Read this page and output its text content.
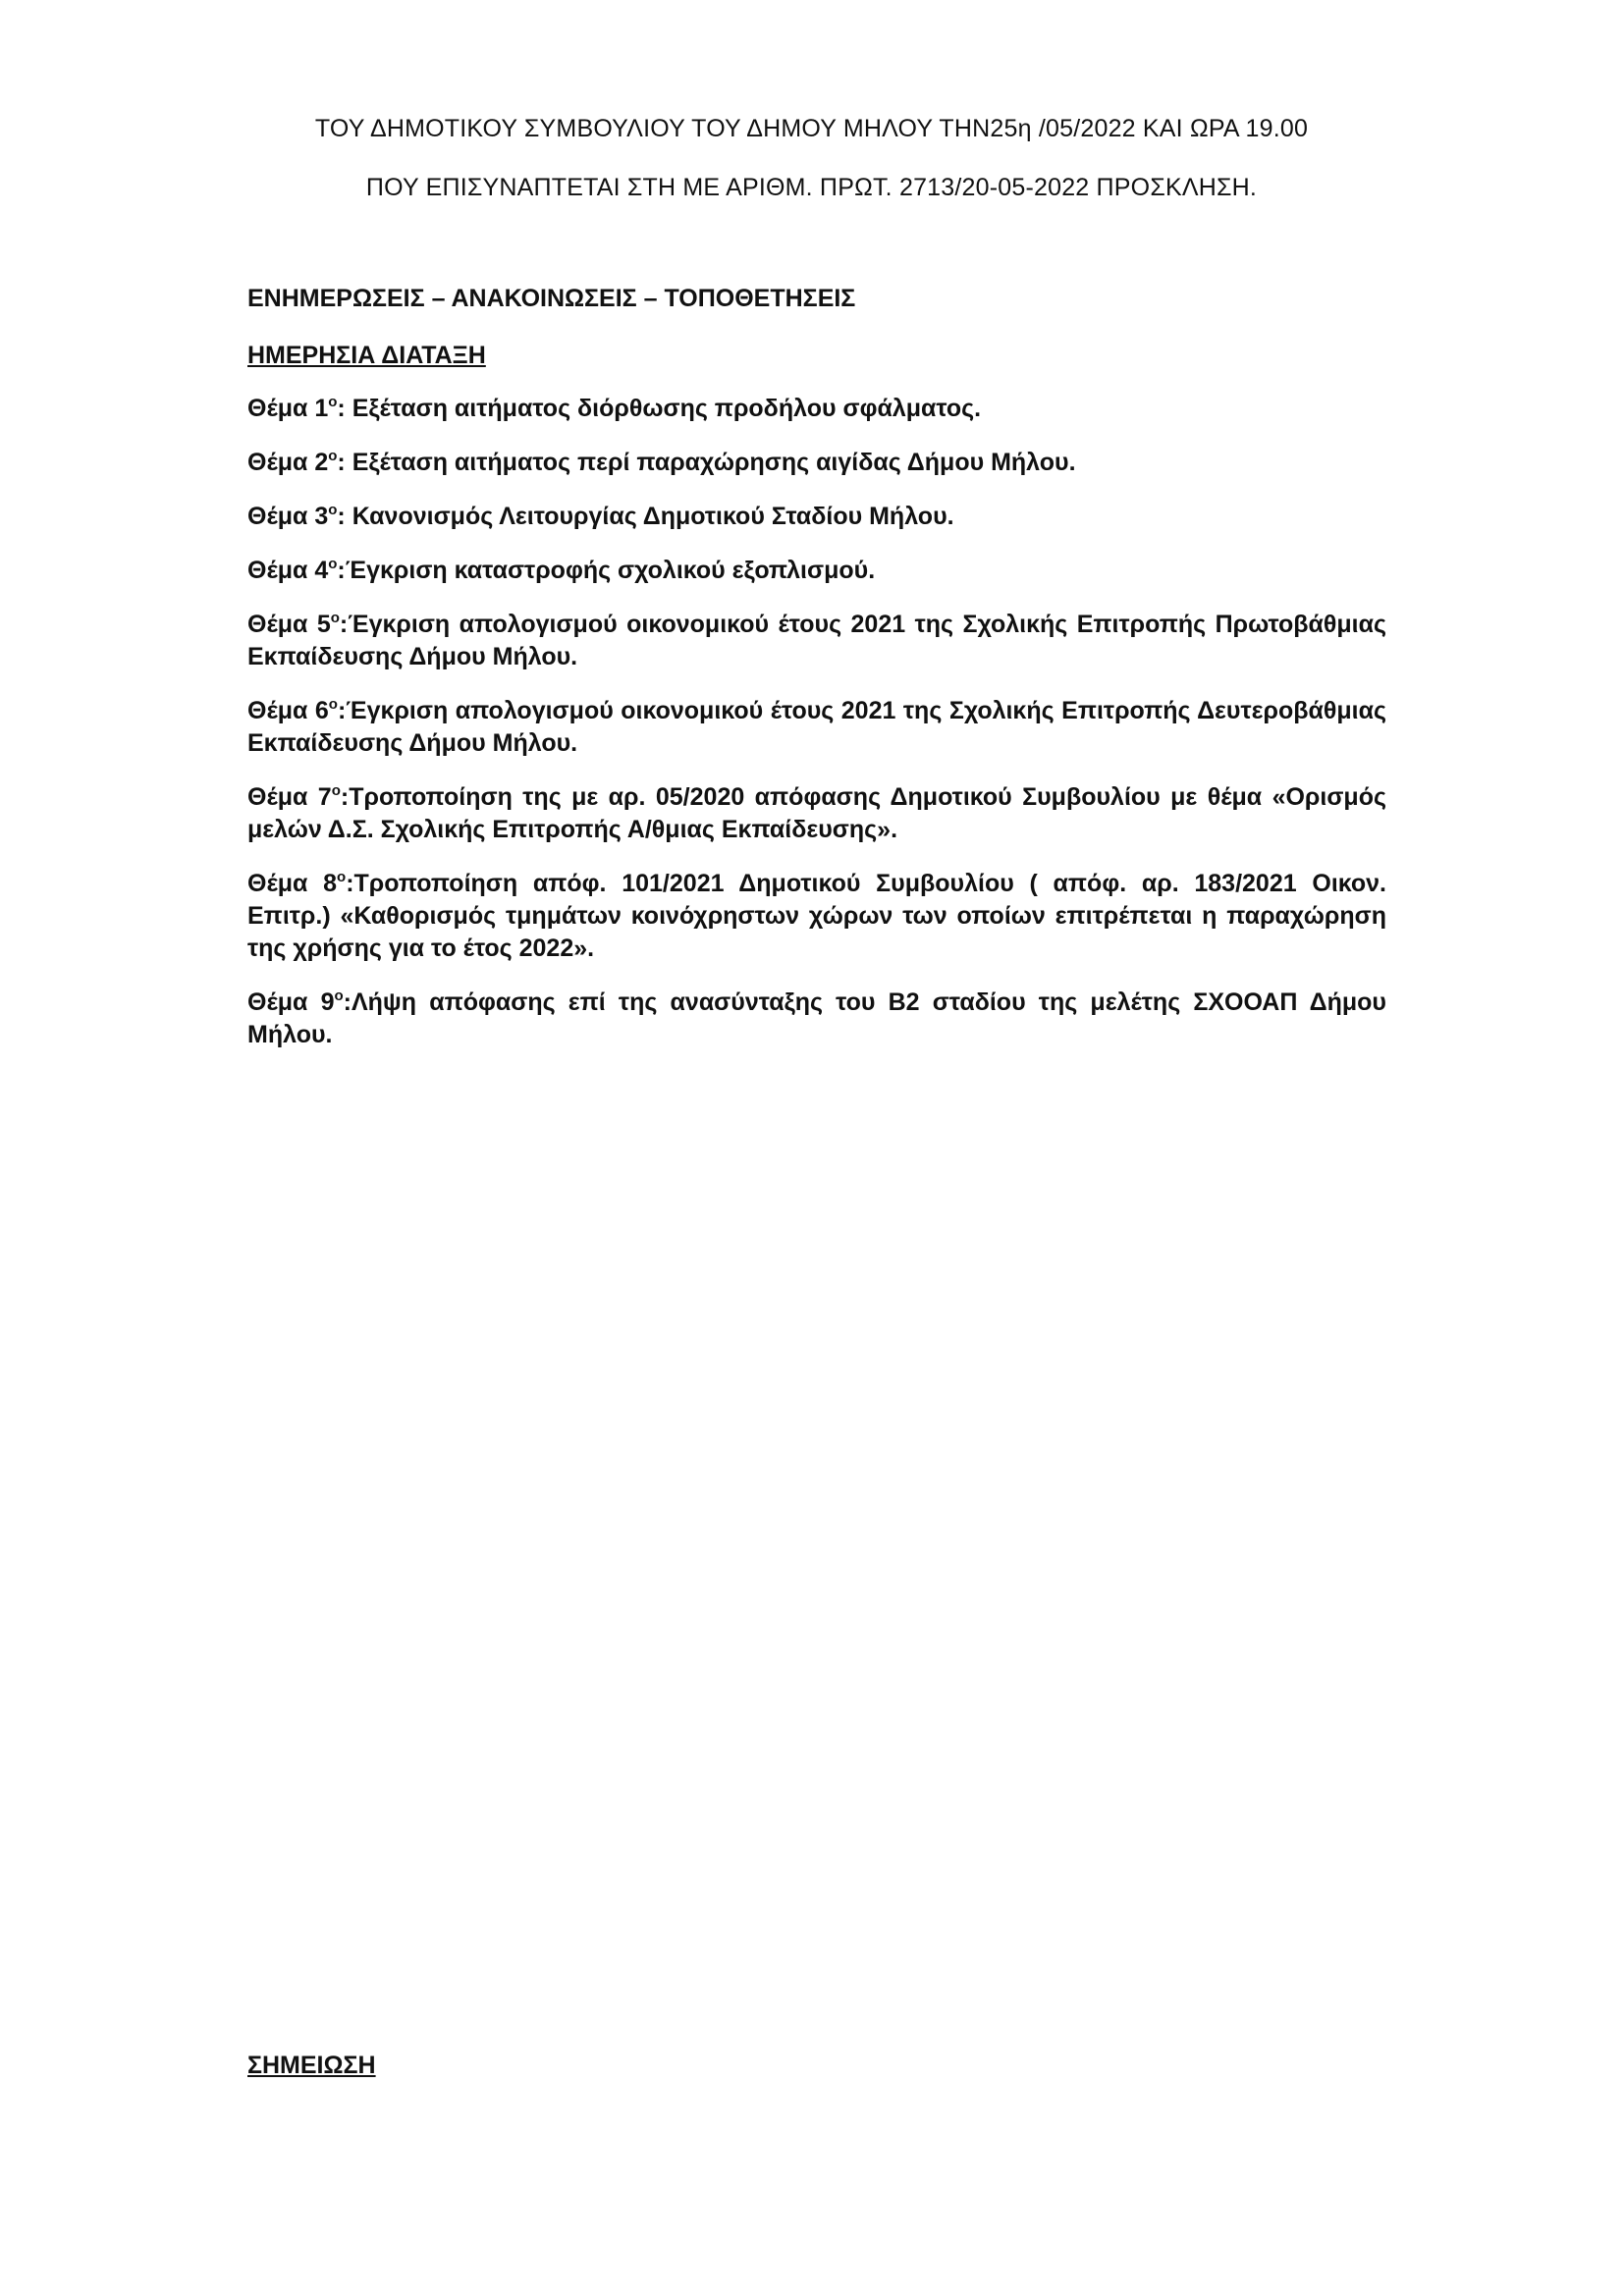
ΤΟΥ ΔΗΜΟΤΙΚΟΥ ΣΥΜΒΟΥΛΙΟΥ ΤΟΥ ΔΗΜΟΥ ΜΗΛΟΥ ΤΗΝ25η /05/2022 ΚΑΙ ΩΡΑ 19.00
ΠΟΥ ΕΠΙΣΥΝΑΠΤΕΤΑΙ ΣΤΗ ΜΕ ΑΡΙΘΜ. ΠΡΩΤ. 2713/20-05-2022 ΠΡΟΣΚΛΗΣΗ.
ΕΝΗΜΕΡΩΣΕΙΣ – ΑΝΑΚΟΙΝΩΣΕΙΣ – ΤΟΠΟΘΕΤΗΣΕΙΣ
ΗΜΕΡΗΣΙΑ ΔΙΑΤΑΞΗ
Θέμα $1^o$: Εξέταση αιτήματος διόρθωσης προδήλου σφάλματος.
Θέμα $2^o$: Εξέταση αιτήματος περί παραχώρησης αιγίδας Δήμου Μήλου.
Θέμα $3^o$: Κανονισμός Λειτουργίας Δημοτικού Σταδίου Μήλου.
Θέμα $4^o:Έ\gamma\kappa\rho\iota\sigma\eta$ καταστροφής σχολικού εξοπλισμού.
Θέμα $5^o:Έ\gamma\kappa\rho\iota\sigma\eta$ απολογισμού οικονομικού έτους 2021 της Σχολικής Επιτροπής Πρωτοβάθμιας Εκπαίδευσης Δήμου Μήλου.
Θέμα $6^o:Έ\gamma\kappa\rho\iota\sigma\eta$ απολογισμού οικονομικού έτους 2021 της Σχολικής Επιτροπής Δευτεροβάθμιας Εκπαίδευσης Δήμου Μήλου.
Θέμα $7^o:T\rho o\pi o\pi oί\eta\sigma\eta$ της με αρ. 05/2020 απόφασης Δημοτικού Συμβουλίου με θέμα «Ορισμός μελών Δ.Σ. Σχολικής Επιτροπής Α/θμιας Εκπαίδευσης».
Θέμα $8^o:T\rho o\pi o\pi oί\eta\sigma\eta$ απόφ. 101/2021 Δημοτικού Συμβουλίου ( απόφ. αρ. 183/2021 Οικον. Επιτρ.) «Καθορισμός τμημάτων κοινόχρηστων χώρων των οποίων επιτρέπεται η παραχώρηση της χρήσης για το έτος 2022».
Θέμα $9^o:\Lambda ή\psi\eta$ απόφασης επί της ανασύνταξης του Β2 σταδίου της μελέτης ΣΧΟΟΑΠ Δήμου Μήλου.
ΣΗΜΕΙΩΣΗ
